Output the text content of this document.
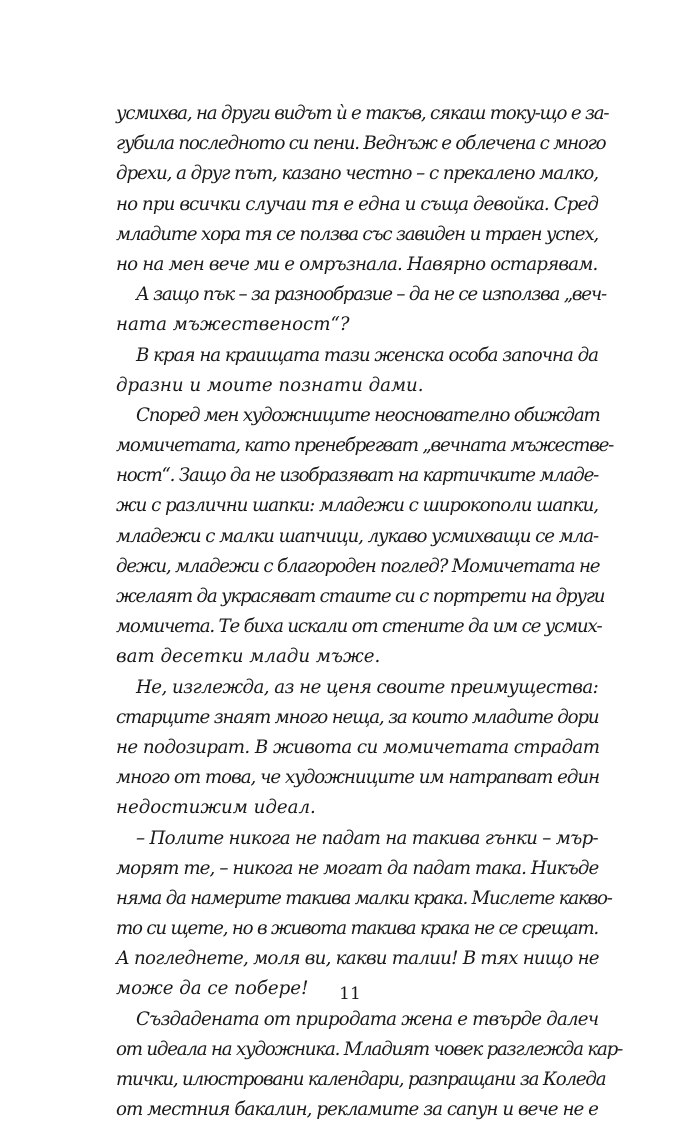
усмихва, на други видът ѝ е такъв, сякаш току-що е за-
губила последното си пени. Веднъж е облечена с много
дрехи, а друг път, казано честно – с прекалено малко,
но при всички случаи тя е една и съща девойка. Сред
младите хора тя се ползва със завиден и траен успех,
но на мен вече ми е омръзнала. Навярно остарявам.
А защо пък – за разнообразие – да не се използва „веч-
ната мъжественост“?
В края на краищата тази женска особа започна да
дразни и моите познати дами.
Според мен художниците неоснователно обиждат
момичетата, като пренебрегват „вечната мъжестве-
ност“. Защо да не изобразяват на картичките младе-
жи с различни шапки: младежи с широкополи шапки,
младежи с малки шапчици, лукаво усмихващи се мла-
дежи, младежи с благороден поглед? Момичетата не
желаят да украсяват стаите си с портрети на други
момичета. Те биха искали от стените да им се усмих-
ват десетки млади мъже.
Не, изглежда, аз не ценя своите преимущества:
старците знаят много неща, за които младите дори
не подозират. В живота си момичетата страдат
много от това, че художниците им натрапват един
недостижим идеал.
– Полите никога не падат на такива гънки – мър-
морят те, – никога не могат да падат така. Никъде
няма да намерите такива малки крака. Мислете какво-
то си щете, но в живота такива крака не се срещат.
А погледнете, моля ви, какви талии! В тях нищо не
може да се побере!
Създадената от природата жена е твърде далеч
от идеала на художника. Младият човек разглежда кар-
тички, илюстровани календари, разпращани за Коледа
от местния бакалин, рекламите за сапун и вече не е
11
